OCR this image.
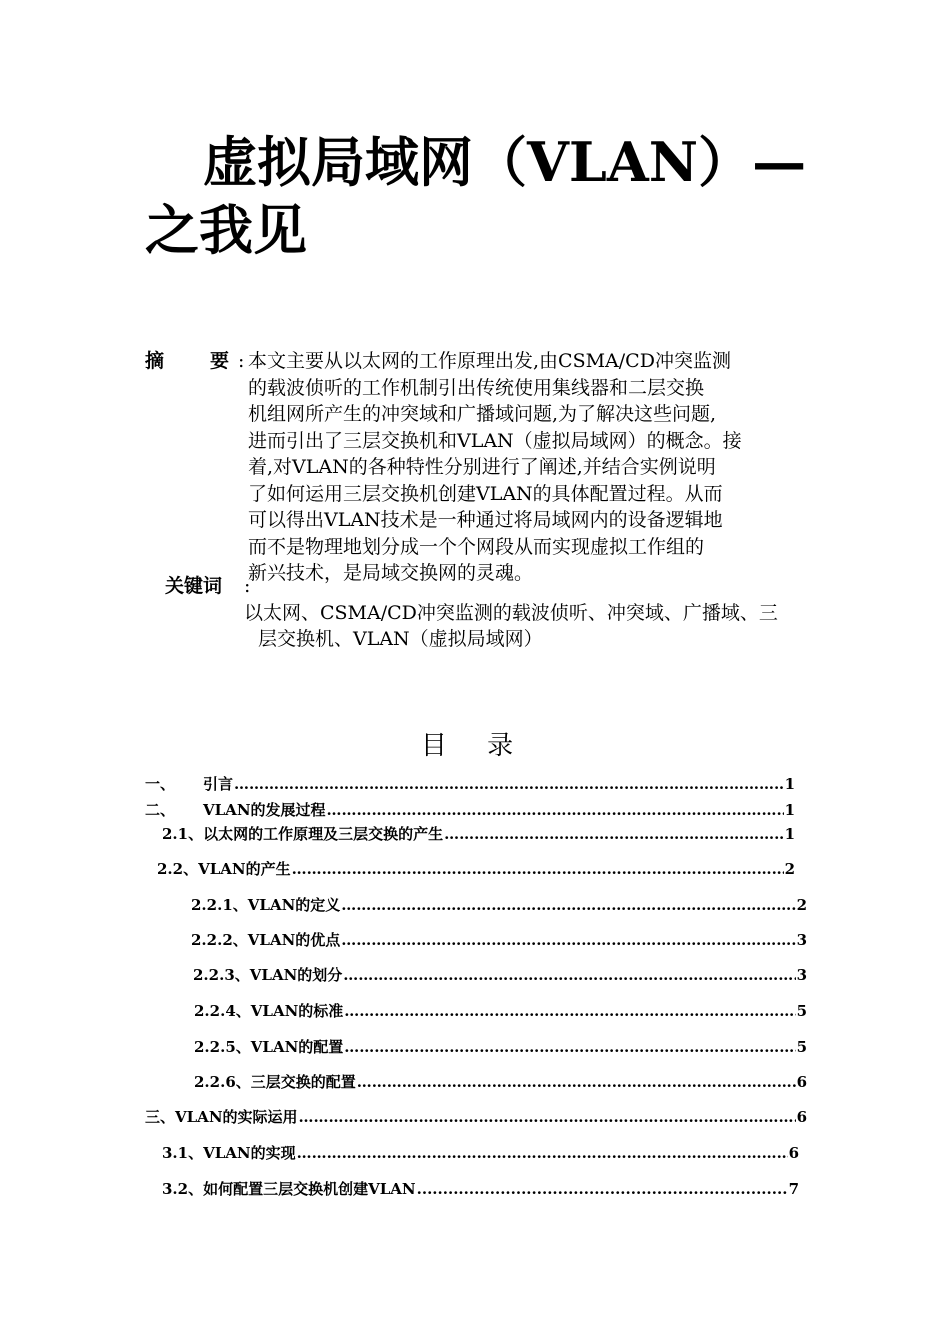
虚拟局域网（VLAN）—之我见
摘 要 : 本文主要从以太网的工作原理出发,由CSMA/CD冲突监测
的载波侦听的工作机制引出传统使用集线器和二层交换
机组网所产生的冲突域和广播域问题,为了解决这些问题,
进而引出了三层交换机和VLAN（虚拟局域网）的概念。接
着,对VLAN的各种特性分别进行了阐述,并结合实例说明
了如何运用三层交换机创建VLAN的具体配置过程。从而
可以得出VLAN技术是一种通过将局域网内的设备逻辑地
而不是物理地划分成一个个网段从而实现虚拟工作组的
新兴技术，是局域交换网的灵魂。
关键词 :
以太网、CSMA/CD冲突监测的载波侦听、冲突域、广播域、三
层交换机、VLAN（虚拟局域网）
目 录
一、	引言 ……………………………………………………………………………………………………………………………………………………………………………	1
二、	VLAN的发展过程 ……………………………………………………………………………………………………………………………………………………………………………	1
2.1、以太网的工作原理及三层交换的产生 ……………………………………………………………………………………………………………………………………………………………………………	1
2.2、VLAN的产生 ……………………………………………………………………………………………………………………………………………………………………………	2
2.2.1、VLAN的定义 ……………………………………………………………………………………………………………………………………………………………………………	2
2.2.2、VLAN的优点 ……………………………………………………………………………………………………………………………………………………………………………	3
2.2.3、VLAN的划分 ……………………………………………………………………………………………………………………………………………………………………………	3
2.2.4、VLAN的标准 ……………………………………………………………………………………………………………………………………………………………………………	5
2.2.5、VLAN的配置 ……………………………………………………………………………………………………………………………………………………………………………	5
2.2.6、三层交换的配置 ……………………………………………………………………………………………………………………………………………………………………………	6
三、VLAN的实际运用 ……………………………………………………………………………………………………………………………………………………………………………	6
3.1、VLAN的实现 ……………………………………………………………………………………………………………………………………………………………………………	6
3.2、如何配置三层交换机创建VLAN .....	7
